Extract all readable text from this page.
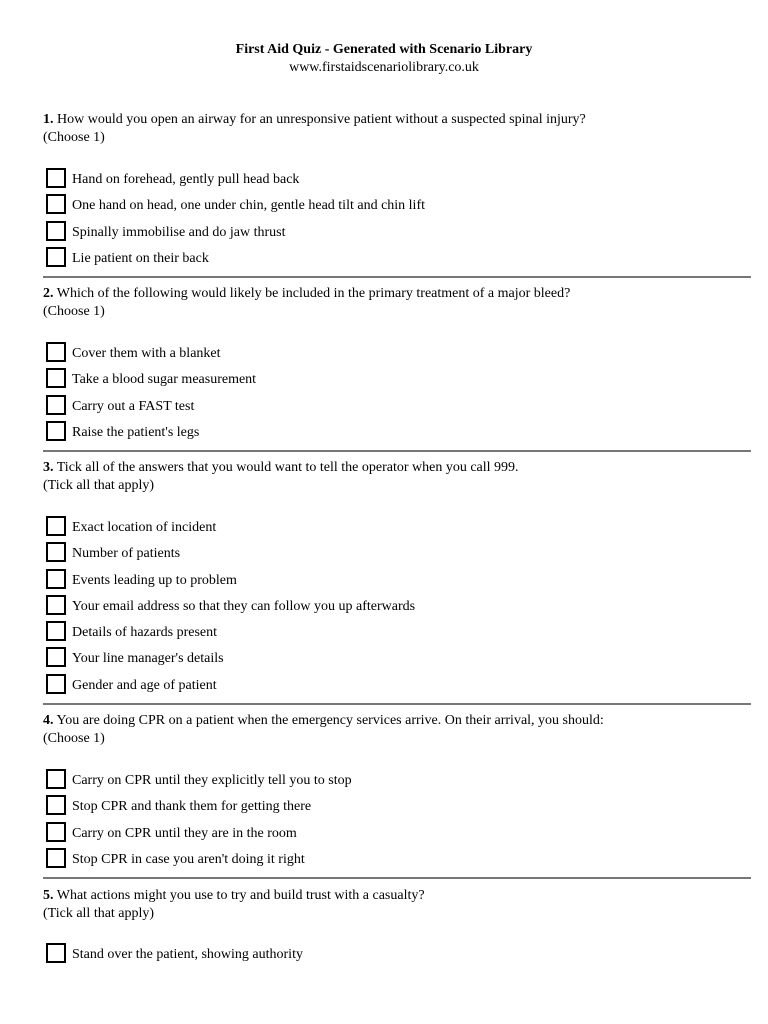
First Aid Quiz - Generated with Scenario Library
www.firstaidscenariolibrary.co.uk

1. How would you open an airway for an unresponsive patient without a suspected spinal injury?

(Choose 1)

Hand on forehead, gently pull head back
One hand on head, one under chin, gentle head tilt and chin lift
Spinally immobilise and do jaw thrust
Lie patient on their back

2. Which of the following would likely be included in the primary treatment of a major bleed?

(Choose 1)

Cover them with a blanket
Take a blood sugar measurement
Carry out a FAST test
Raise the patient's legs

3. Tick all of the answers that you would want to tell the operator when you call 999.

(Tick all that apply)

Exact location of incident
Number of patients
Events leading up to problem
Your email address so that they can follow you up afterwards
Details of hazards present
Your line manager's details
Gender and age of patient

4. You are doing CPR on a patient when the emergency services arrive. On their arrival, you should:

(Choose 1)

Carry on CPR until they explicitly tell you to stop
Stop CPR and thank them for getting there
Carry on CPR until they are in the room
Stop CPR in case you aren't doing it right

5. What actions might you use to try and build trust with a casualty?

(Tick all that apply)

Stand over the patient, showing authority
